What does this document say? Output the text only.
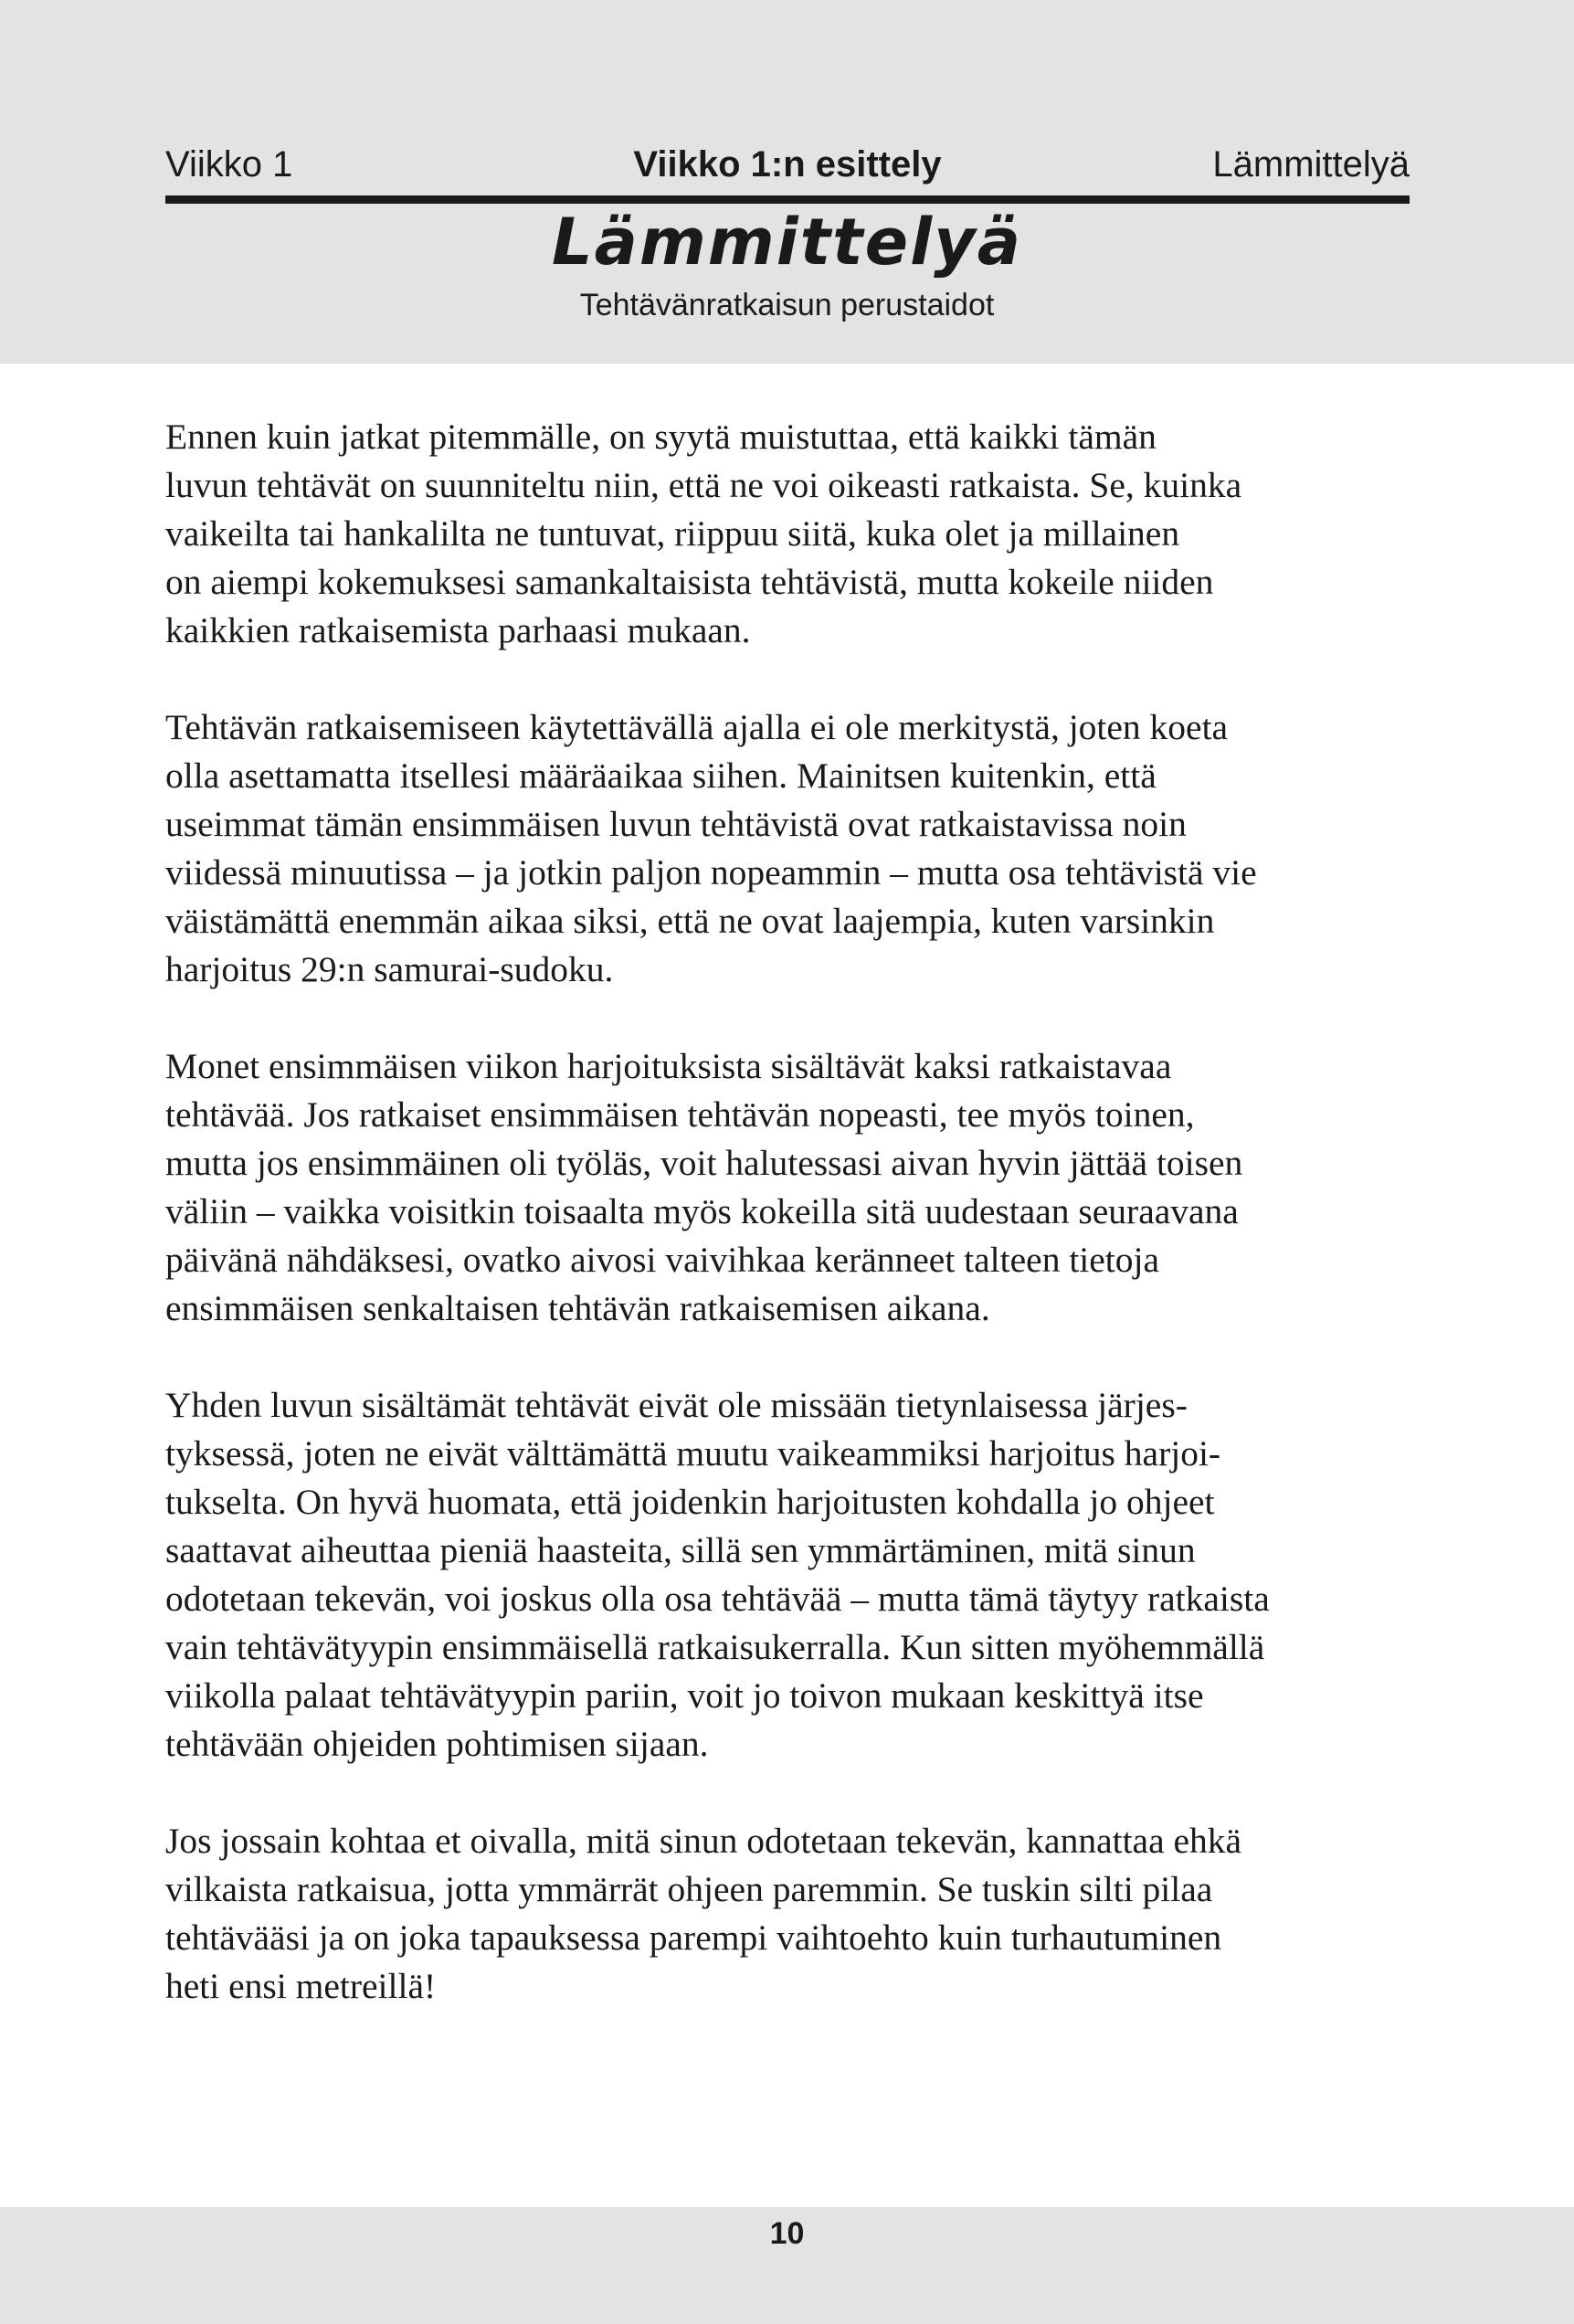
Viikko 1	Viikko 1:n esittely	Lämmittelyä
Lämmittelyä
Tehtävänratkaisun perustaidot

Ennen kuin jatkat pitemmälle, on syytä muistuttaa, että kaikki tämän
luvun tehtävät on suunniteltu niin, että ne voi oikeasti ratkaista. Se, kuinka
vaikeilta tai hankalilta ne tuntuvat, riippuu siitä, kuka olet ja millainen
on aiempi kokemuksesi samankaltaisista tehtävistä, mutta kokeile niiden
kaikkien ratkaisemista parhaasi mukaan.

Tehtävän ratkaisemiseen käytettävällä ajalla ei ole merkitystä, joten koeta
olla asettamatta itsellesi määräaikaa siihen. Mainitsen kuitenkin, että
useimmat tämän ensimmäisen luvun tehtävistä ovat ratkaistavissa noin
viidessä minuutissa – ja jotkin paljon nopeammin – mutta osa tehtävistä vie
väistämättä enemmän aikaa siksi, että ne ovat laajempia, kuten varsinkin
harjoitus 29:n samurai-sudoku.

Monet ensimmäisen viikon harjoituksista sisältävät kaksi ratkaistavaa
tehtävää. Jos ratkaiset ensimmäisen tehtävän nopeasti, tee myös toinen,
mutta jos ensimmäinen oli työläs, voit halutessasi aivan hyvin jättää toisen
väliin – vaikka voisitkin toisaalta myös kokeilla sitä uudestaan seuraavana
päivänä nähdäksesi, ovatko aivosi vaivihkaa keränneet talteen tietoja
ensimmäisen senkaltaisen tehtävän ratkaisemisen aikana.

Yhden luvun sisältämät tehtävät eivät ole missään tietynlaisessa järjes-
tyksessä, joten ne eivät välttämättä muutu vaikeammiksi harjoitus harjoi-
tukselta. On hyvä huomata, että joidenkin harjoitusten kohdalla jo ohjeet
saattavat aiheuttaa pieniä haasteita, sillä sen ymmärtäminen, mitä sinun
odotetaan tekevän, voi joskus olla osa tehtävää – mutta tämä täytyy ratkaista
vain tehtävätyypin ensimmäisellä ratkaisukerralla. Kun sitten myöhemmällä
viikolla palaat tehtävätyypin pariin, voit jo toivon mukaan keskittyä itse
tehtävään ohjeiden pohtimisen sijaan.

Jos jossain kohtaa et oivalla, mitä sinun odotetaan tekevän, kannattaa ehkä
vilkaista ratkaisua, jotta ymmärrät ohjeen paremmin. Se tuskin silti pilaa
tehtävääsi ja on joka tapauksessa parempi vaihtoehto kuin turhautuminen
heti ensi metreillä!

10
